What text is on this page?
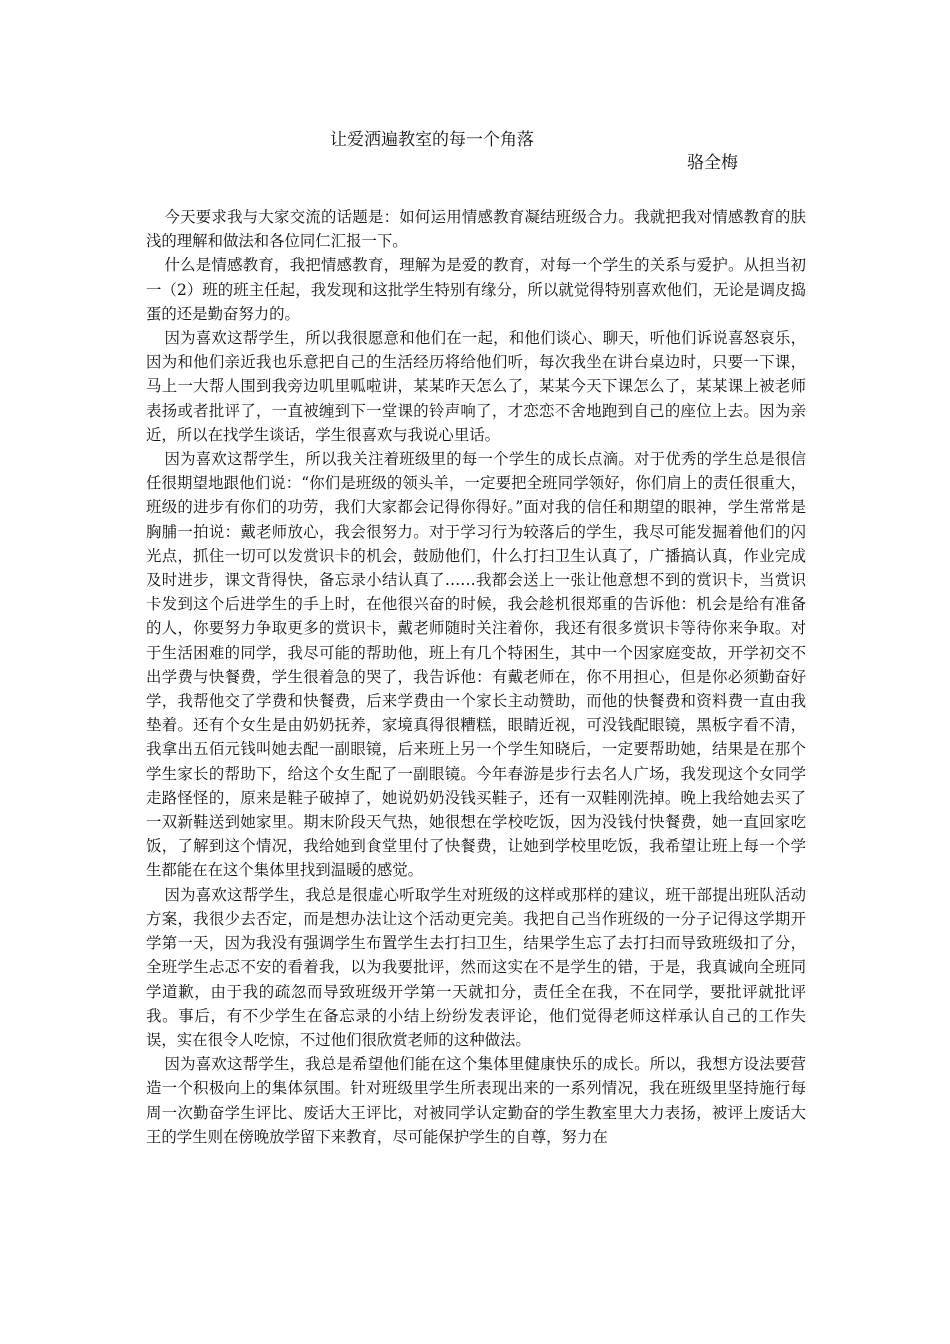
让爱洒遍教室的每一个角落
骆全梅

今天要求我与大家交流的话题是：如何运用情感教育凝结班级合力。我就把我对情感教育的肤浅的理解和做法和各位同仁汇报一下。

什么是情感教育，我把情感教育，理解为是爱的教育，对每一个学生的关系与爱护。从担当初一（2）班的班主任起，我发现和这批学生特别有缘分，所以就觉得特别喜欢他们，无论是调皮捣蛋的还是勤奋努力的。

因为喜欢这帮学生，所以我很愿意和他们在一起，和他们谈心、聊天，听他们诉说喜怒哀乐，因为和他们亲近我也乐意把自己的生活经历将给他们听，每次我坐在讲台桌边时，只要一下课，马上一大帮人围到我旁边叽里呱啦讲，某某昨天怎么了，某某今天下课怎么了，某某课上被老师表扬或者批评了，一直被缠到下一堂课的铃声响了，才恋恋不舍地跑到自己的座位上去。因为亲近，所以在找学生谈话，学生很喜欢与我说心里话。

因为喜欢这帮学生，所以我关注着班级里的每一个学生的成长点滴。对于优秀的学生总是很信任很期望地跟他们说：“你们是班级的领头羊，一定要把全班同学领好，你们肩上的责任很重大，班级的进步有你们的功劳，我们大家都会记得你得好。”面对我的信任和期望的眼神，学生常常是胸脯一拍说：戴老师放心，我会很努力。对于学习行为较落后的学生，我尽可能发掘着他们的闪光点，抓住一切可以发赏识卡的机会，鼓励他们，什么打扫卫生认真了，广播搞认真，作业完成及时进步，课文背得快，备忘录小结认真了……我都会送上一张让他意想不到的赏识卡，当赏识卡发到这个后进学生的手上时，在他很兴奋的时候，我会趁机很郑重的告诉他：机会是给有准备的人，你要努力争取更多的赏识卡，戴老师随时关注着你，我还有很多赏识卡等待你来争取。对于生活困难的同学，我尽可能的帮助他，班上有几个特困生，其中一个因家庭变故，开学初交不出学费与快餐费，学生很着急的哭了，我告诉他：有戴老师在，你不用担心，但是你必须勤奋好学，我帮他交了学费和快餐费，后来学费由一个家长主动赞助，而他的快餐费和资料费一直由我垫着。还有个女生是由奶奶抚养，家境真得很糟糕，眼睛近视，可没钱配眼镜，黑板字看不清，我拿出五佰元钱叫她去配一副眼镜，后来班上另一个学生知晓后，一定要帮助她，结果是在那个学生家长的帮助下，给这个女生配了一副眼镜。今年春游是步行去名人广场，我发现这个女同学走路怪怪的，原来是鞋子破掉了，她说奶奶没钱买鞋子，还有一双鞋刚洗掉。晚上我给她去买了一双新鞋送到她家里。期末阶段天气热，她很想在学校吃饭，因为没钱付快餐费，她一直回家吃饭，了解到这个情况，我给她到食堂里付了快餐费，让她到学校里吃饭，我希望让班上每一个学生都能在在这个集体里找到温暖的感觉。

因为喜欢这帮学生，我总是很虚心听取学生对班级的这样或那样的建议，班干部提出班队活动方案，我很少去否定，而是想办法让这个活动更完美。我把自己当作班级的一分子记得这学期开学第一天，因为我没有强调学生布置学生去打扫卫生，结果学生忘了去打扫而导致班级扣了分，全班学生忐忑不安的看着我，以为我要批评，然而这实在不是学生的错，于是，我真诚向全班同学道歉，由于我的疏忽而导致班级开学第一天就扣分，责任全在我，不在同学，要批评就批评我。事后，有不少学生在备忘录的小结上纷纷发表评论，他们觉得老师这样承认自己的工作失误，实在很令人吃惊，不过他们很欣赏老师的这种做法。

因为喜欢这帮学生，我总是希望他们能在这个集体里健康快乐的成长。所以，我想方设法要营造一个积极向上的集体氛围。针对班级里学生所表现出来的一系列情况，我在班级里坚持施行每周一次勤奋学生评比、废话大王评比，对被同学认定勤奋的学生教室里大力表扬，被评上废话大王的学生则在傍晚放学留下来教育，尽可能保护学生的自尊，努力在
